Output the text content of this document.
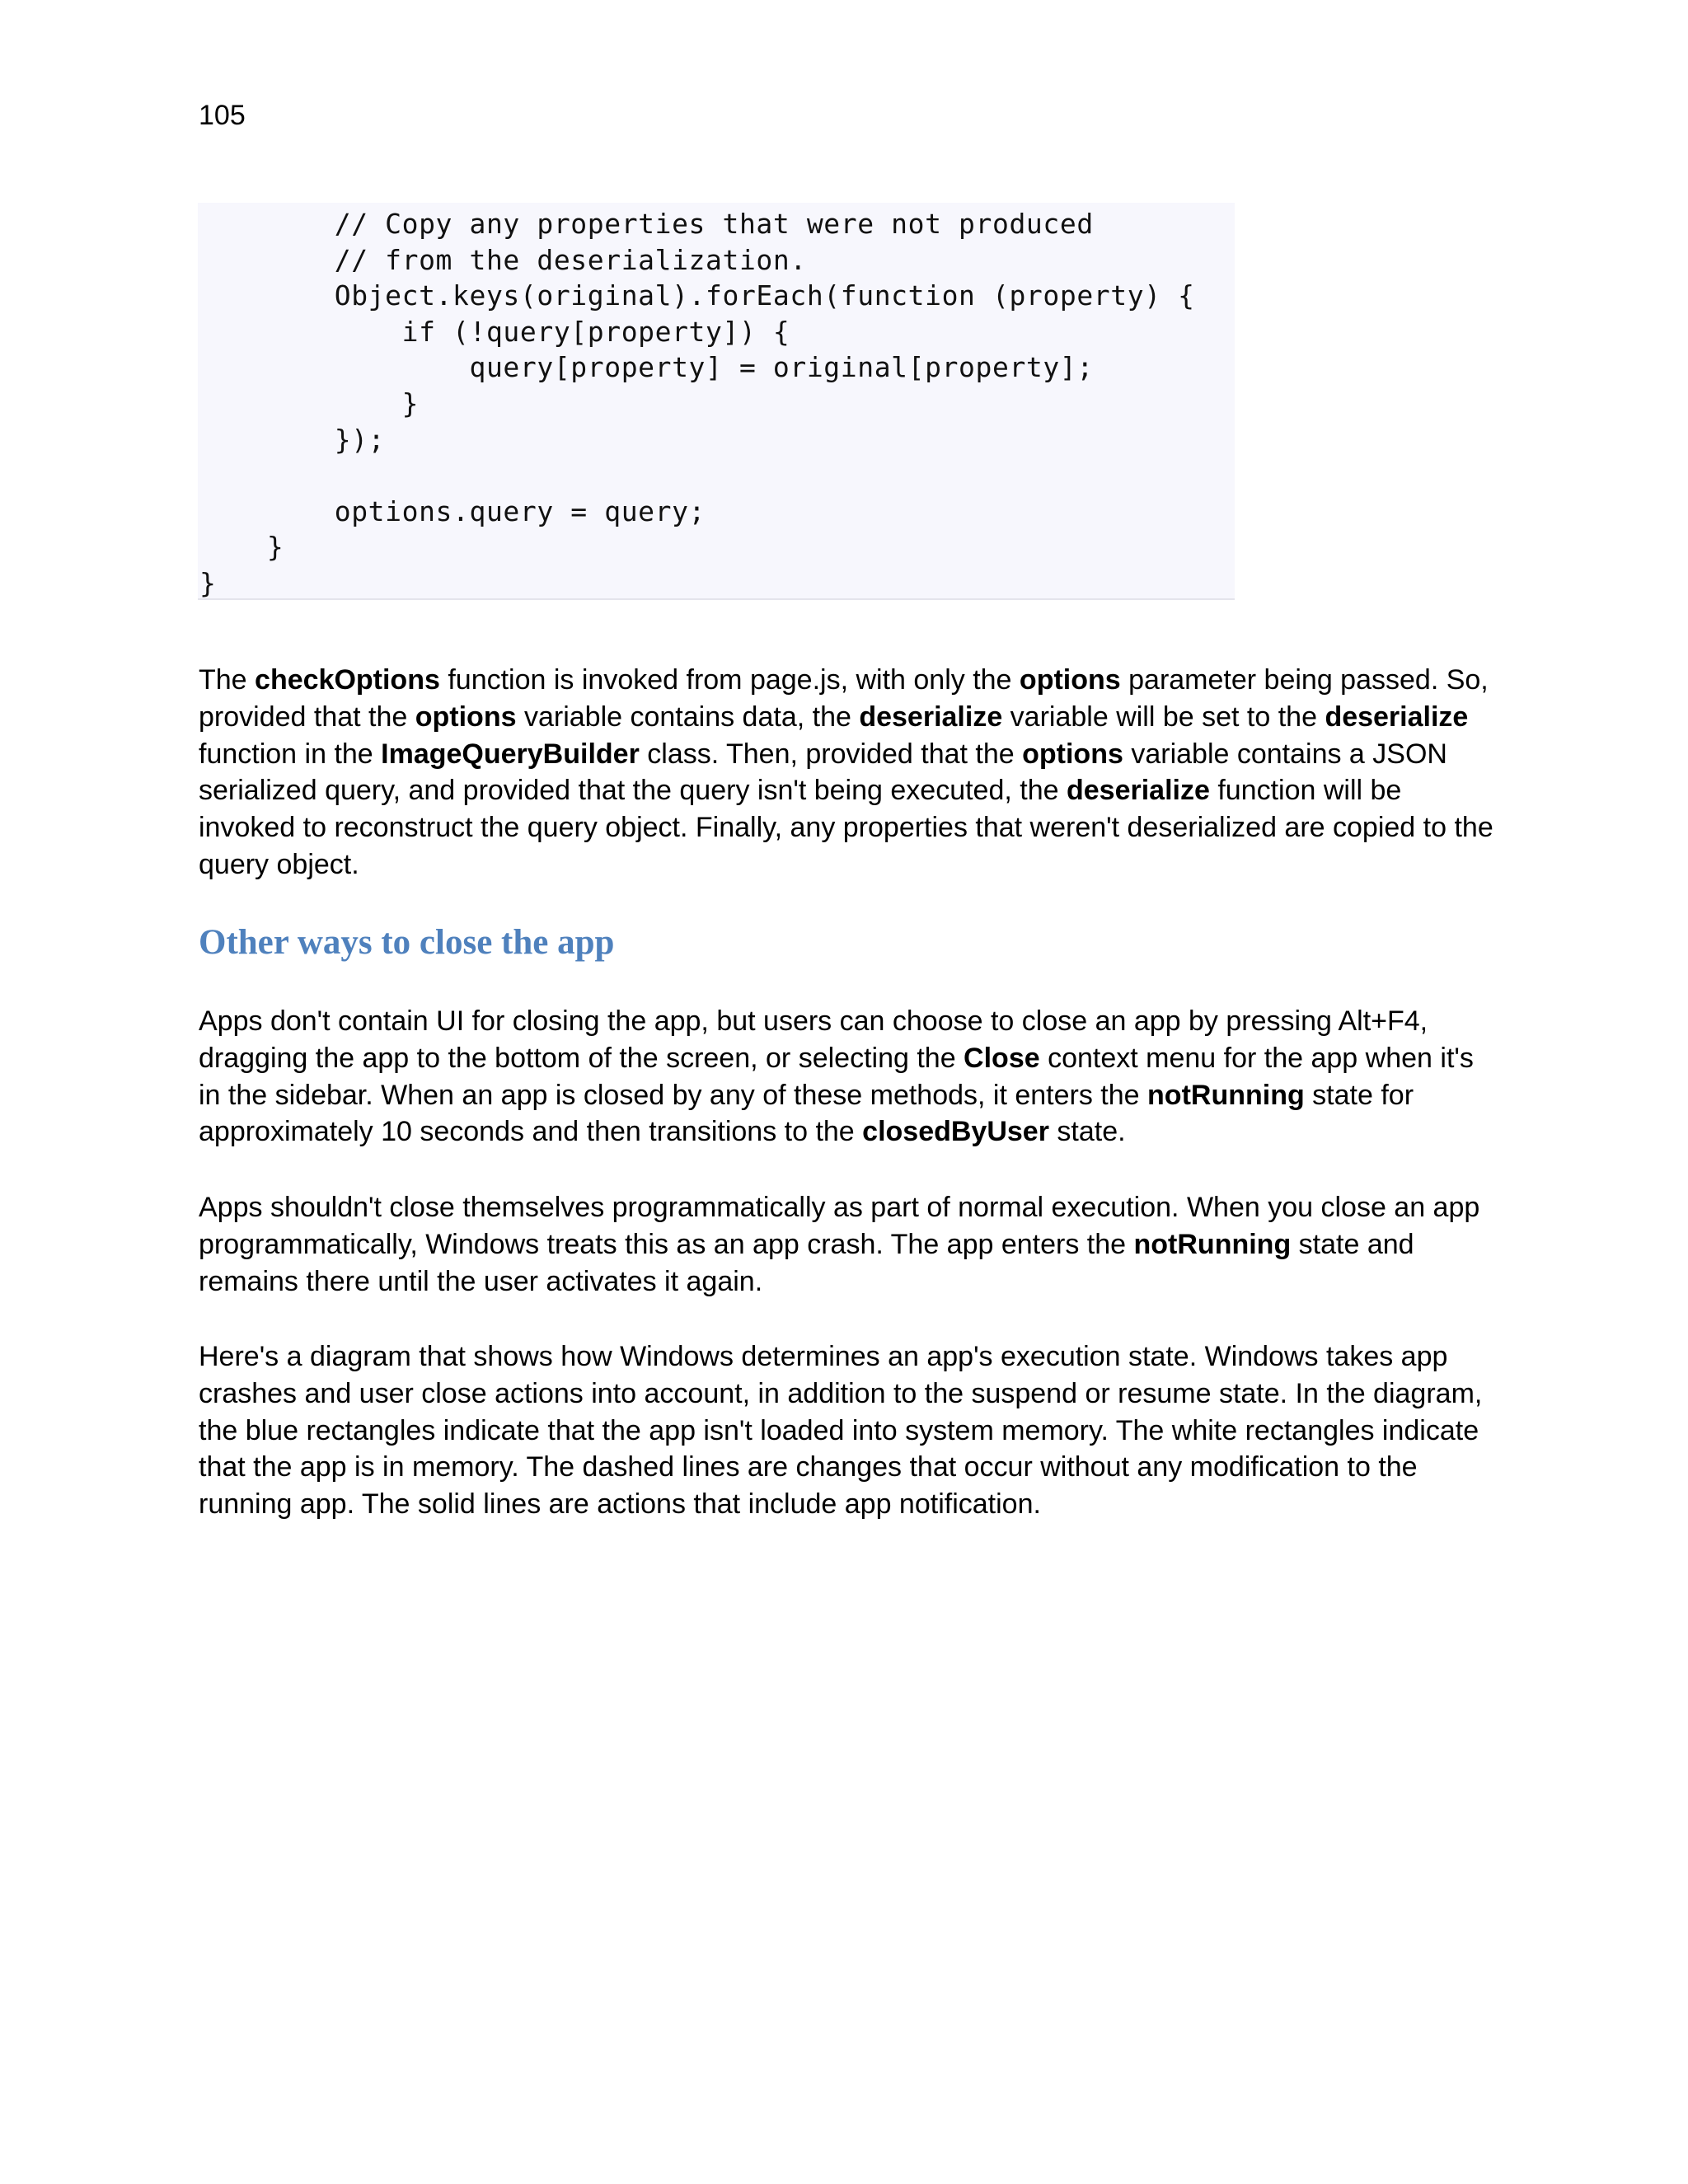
105
// Copy any properties that were not produced
// from the deserialization.
Object.keys(original).forEach(function (property) {
if (!query[property]) {
query[property] = original[property];
}
});
options.query = query;
}
}

The checkOptions function is invoked from page.js, with only the options parameter being passed. So, provided that the options variable contains data, the deserialize variable will be set to the deserialize function in the ImageQueryBuilder class. Then, provided that the options variable contains a JSON serialized query, and provided that the query isn't being executed, the deserialize function will be invoked to reconstruct the query object. Finally, any properties that weren't deserialized are copied to the query object.

Other ways to close the app

Apps don't contain UI for closing the app, but users can choose to close an app by pressing Alt+F4, dragging the app to the bottom of the screen, or selecting the Close context menu for the app when it's in the sidebar. When an app is closed by any of these methods, it enters the notRunning state for approximately 10 seconds and then transitions to the closedByUser state.

Apps shouldn't close themselves programmatically as part of normal execution. When you close an app programmatically, Windows treats this as an app crash. The app enters the notRunning state and remains there until the user activates it again.

Here's a diagram that shows how Windows determines an app's execution state. Windows takes app crashes and user close actions into account, in addition to the suspend or resume state. In the diagram, the blue rectangles indicate that the app isn't loaded into system memory. The white rectangles indicate that the app is in memory. The dashed lines are changes that occur without any modification to the running app. The solid lines are actions that include app notification.
